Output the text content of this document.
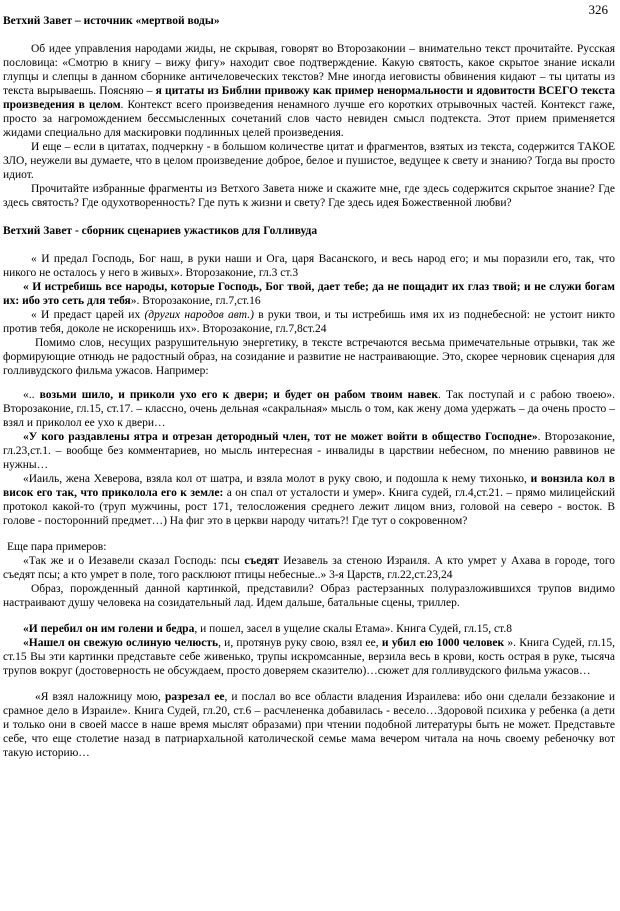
326

Ветхий Завет – источник «мертвой воды»

Об идее управления народами жиды, не скрывая, говорят во Второзаконии – внимательно текст прочитайте. Русская пословица: «Смотрю в книгу – вижу фигу» находит свое подтверждение. Какую святость, какое скрытое знание искали глупцы и слепцы в данном сборнике античеловеческих текстов? Мне иногда иеговисты обвинения кидают – ты цитаты из текста вырываешь. Поясняю – я цитаты из Библии привожу как пример ненормальности и ядовитости ВСЕГО текста произведения в целом. Контекст всего произведения ненамного лучше его коротких отрывочных частей. Контекст гаже, просто за нагромождением бессмысленных сочетаний слов часто невиден смысл подтекста. Этот прием применяется жидами специально для маскировки подлинных целей произведения.

И еще – если в цитатах, подчеркну - в большом количестве цитат и фрагментов, взятых из текста, содержится ТАКОЕ ЗЛО, неужели вы думаете, что в целом произведение доброе, белое и пушистое, ведущее к свету и знанию? Тогда вы просто идиот.

Прочитайте избранные фрагменты из Ветхого Завета ниже и скажите мне, где здесь содержится скрытое знание? Где здесь святость? Где одухотворенность? Где путь к жизни и свету? Где здесь идея Божественной любви?

Ветхий Завет - сборник сценариев ужастиков для Голливуда

« И предал Господь, Бог наш, в руки наши и Ога, царя Васанского, и весь народ его; и мы поразили его, так, что никого не осталось у него в живых». Второзаконие, гл.3 ст.3

« И истребишь все народы, которые Господь, Бог твой, дает тебе; да не пощадит их глаз твой; и не служи богам их: ибо это сеть для тебя». Второзаконие, гл.7,ст.16

« И предаст царей их (других народов авт.) в руки твои, и ты истребишь имя их из поднебесной: не устоит никто против тебя, доколе не искоренишь их». Второзаконие, гл.7,8ст.24

Помимо слов, несущих разрушительную энергетику, в тексте встречаются весьма примечательные отрывки, так же формирующие отнюдь не радостный образ, на созидание и развитие не настраивающие. Это, скорее черновик сценария для голливудского фильма ужасов. Например:

«.. возьми шило, и приколи ухо его к двери; и будет он рабом твоим навек. Так поступай и с рабою твоею». Второзаконие, гл.15, ст.17. – классно, очень дельная «сакральная» мысль о том, как жену дома удержать – да очень просто – взял и приколол ее ухо к двери…

«У кого раздавлены ятра и отрезан детородный член, тот не может войти в общество Господне». Второзаконие, гл.23,ст.1. – вообще без комментариев, но мысль интересная - инвалиды в царствии небесном, по мнению раввинов не нужны…

«Иаиль, жена Хеверова, взяла кол от шатра, и взяла молот в руку свою, и подошла к нему тихонько, и вонзила кол в висок его так, что приколола его к земле: а он спал от усталости и умер». Книга судей, гл.4,ст.21. – прямо милицейский протокол какой-то (труп мужчины, рост 171, телосложения среднего лежит лицом вниз, головой на северо - восток. В голове - посторонний предмет…) На фиг это в церкви народу читать?! Где тут о сокровенном?

Еще пара примеров:

«Так же и о Иезавели сказал Господь: псы съедят Иезавель за стеною Израиля. А кто умрет у Ахава в городе, того съедят псы; а кто умрет в поле, того расклюют птицы небесные..» 3-я Царств, гл.22,ст.23,24

Образ, порожденный данной картинкой, представили? Образ растерзанных полуразложившихся трупов видимо настраивают душу человека на созидательный лад. Идем дальше, батальные сцены, триллер.

«И перебил он им голени и бедра, и пошел, засел в ущелие скалы Етама». Книга Судей, гл.15, ст.8

«Нашел он свежую ослиную челюсть, и, протянув руку свою, взял ее, и убил ею 1000 человек ». Книга Судей, гл.15, ст.15 Вы эти картинки представьте себе живенько, трупы искромсанные, верзила весь в крови, кость острая в руке, тысяча трупов вокруг (достоверность не обсуждаем, просто доверяем сказителю)…сюжет для голливудского фильма ужасов…

«Я взял наложницу мою, разрезал ее, и послал во все области владения Израилева: ибо они сделали беззаконие и срамное дело в Израиле». Книга Судей, гл.20, ст.6 – расчлененка добавилась - весело…Здоровой психика у ребенка (а дети и только они в своей массе в наше время мыслят образами) при чтении подобной литературы быть не может. Представьте себе, что еще столетие назад в патриархальной католической семье мама вечером читала на ночь своему ребеночку вот такую историю…
